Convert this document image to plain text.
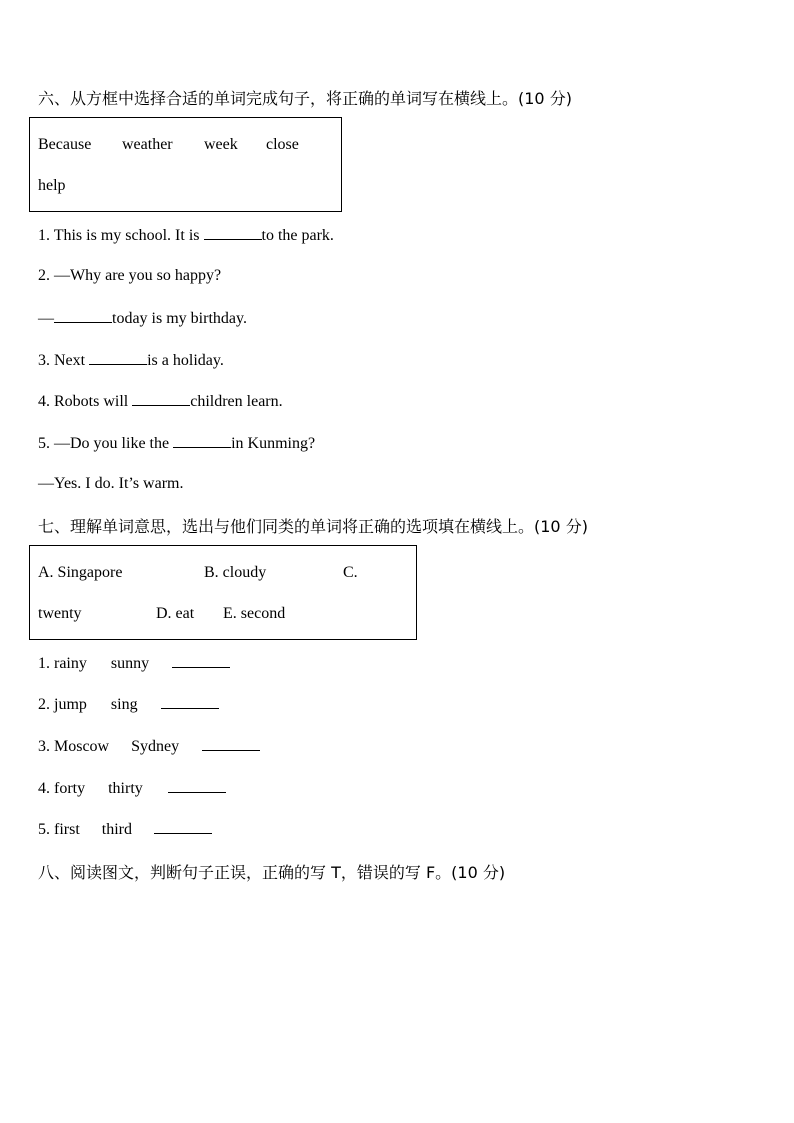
六、从方框中选择合适的单词完成句子，将正确的单词写在横线上。(10 分)
Because weather week close
help
1. This is my school. It is	to the park.
2. —Why are you so happy?
—	today is my birthday.
3. Next	is a holiday.
4. Robots will	children learn.
5. —Do you like the	in Kunming?
—Yes. I do. It’s warm.
七、理解单词意思，选出与他们同类的单词将正确的选项填在横线上。(10 分)
A. Singapore	B. cloudy	C.
twenty	D. eat E. second
1. rainy sunny
2. jump sing
3. Moscow Sydney
4. forty thirty
5. first third
八、阅读图文，判断句子正误，正确的写 T，错误的写 F。(10 分)
